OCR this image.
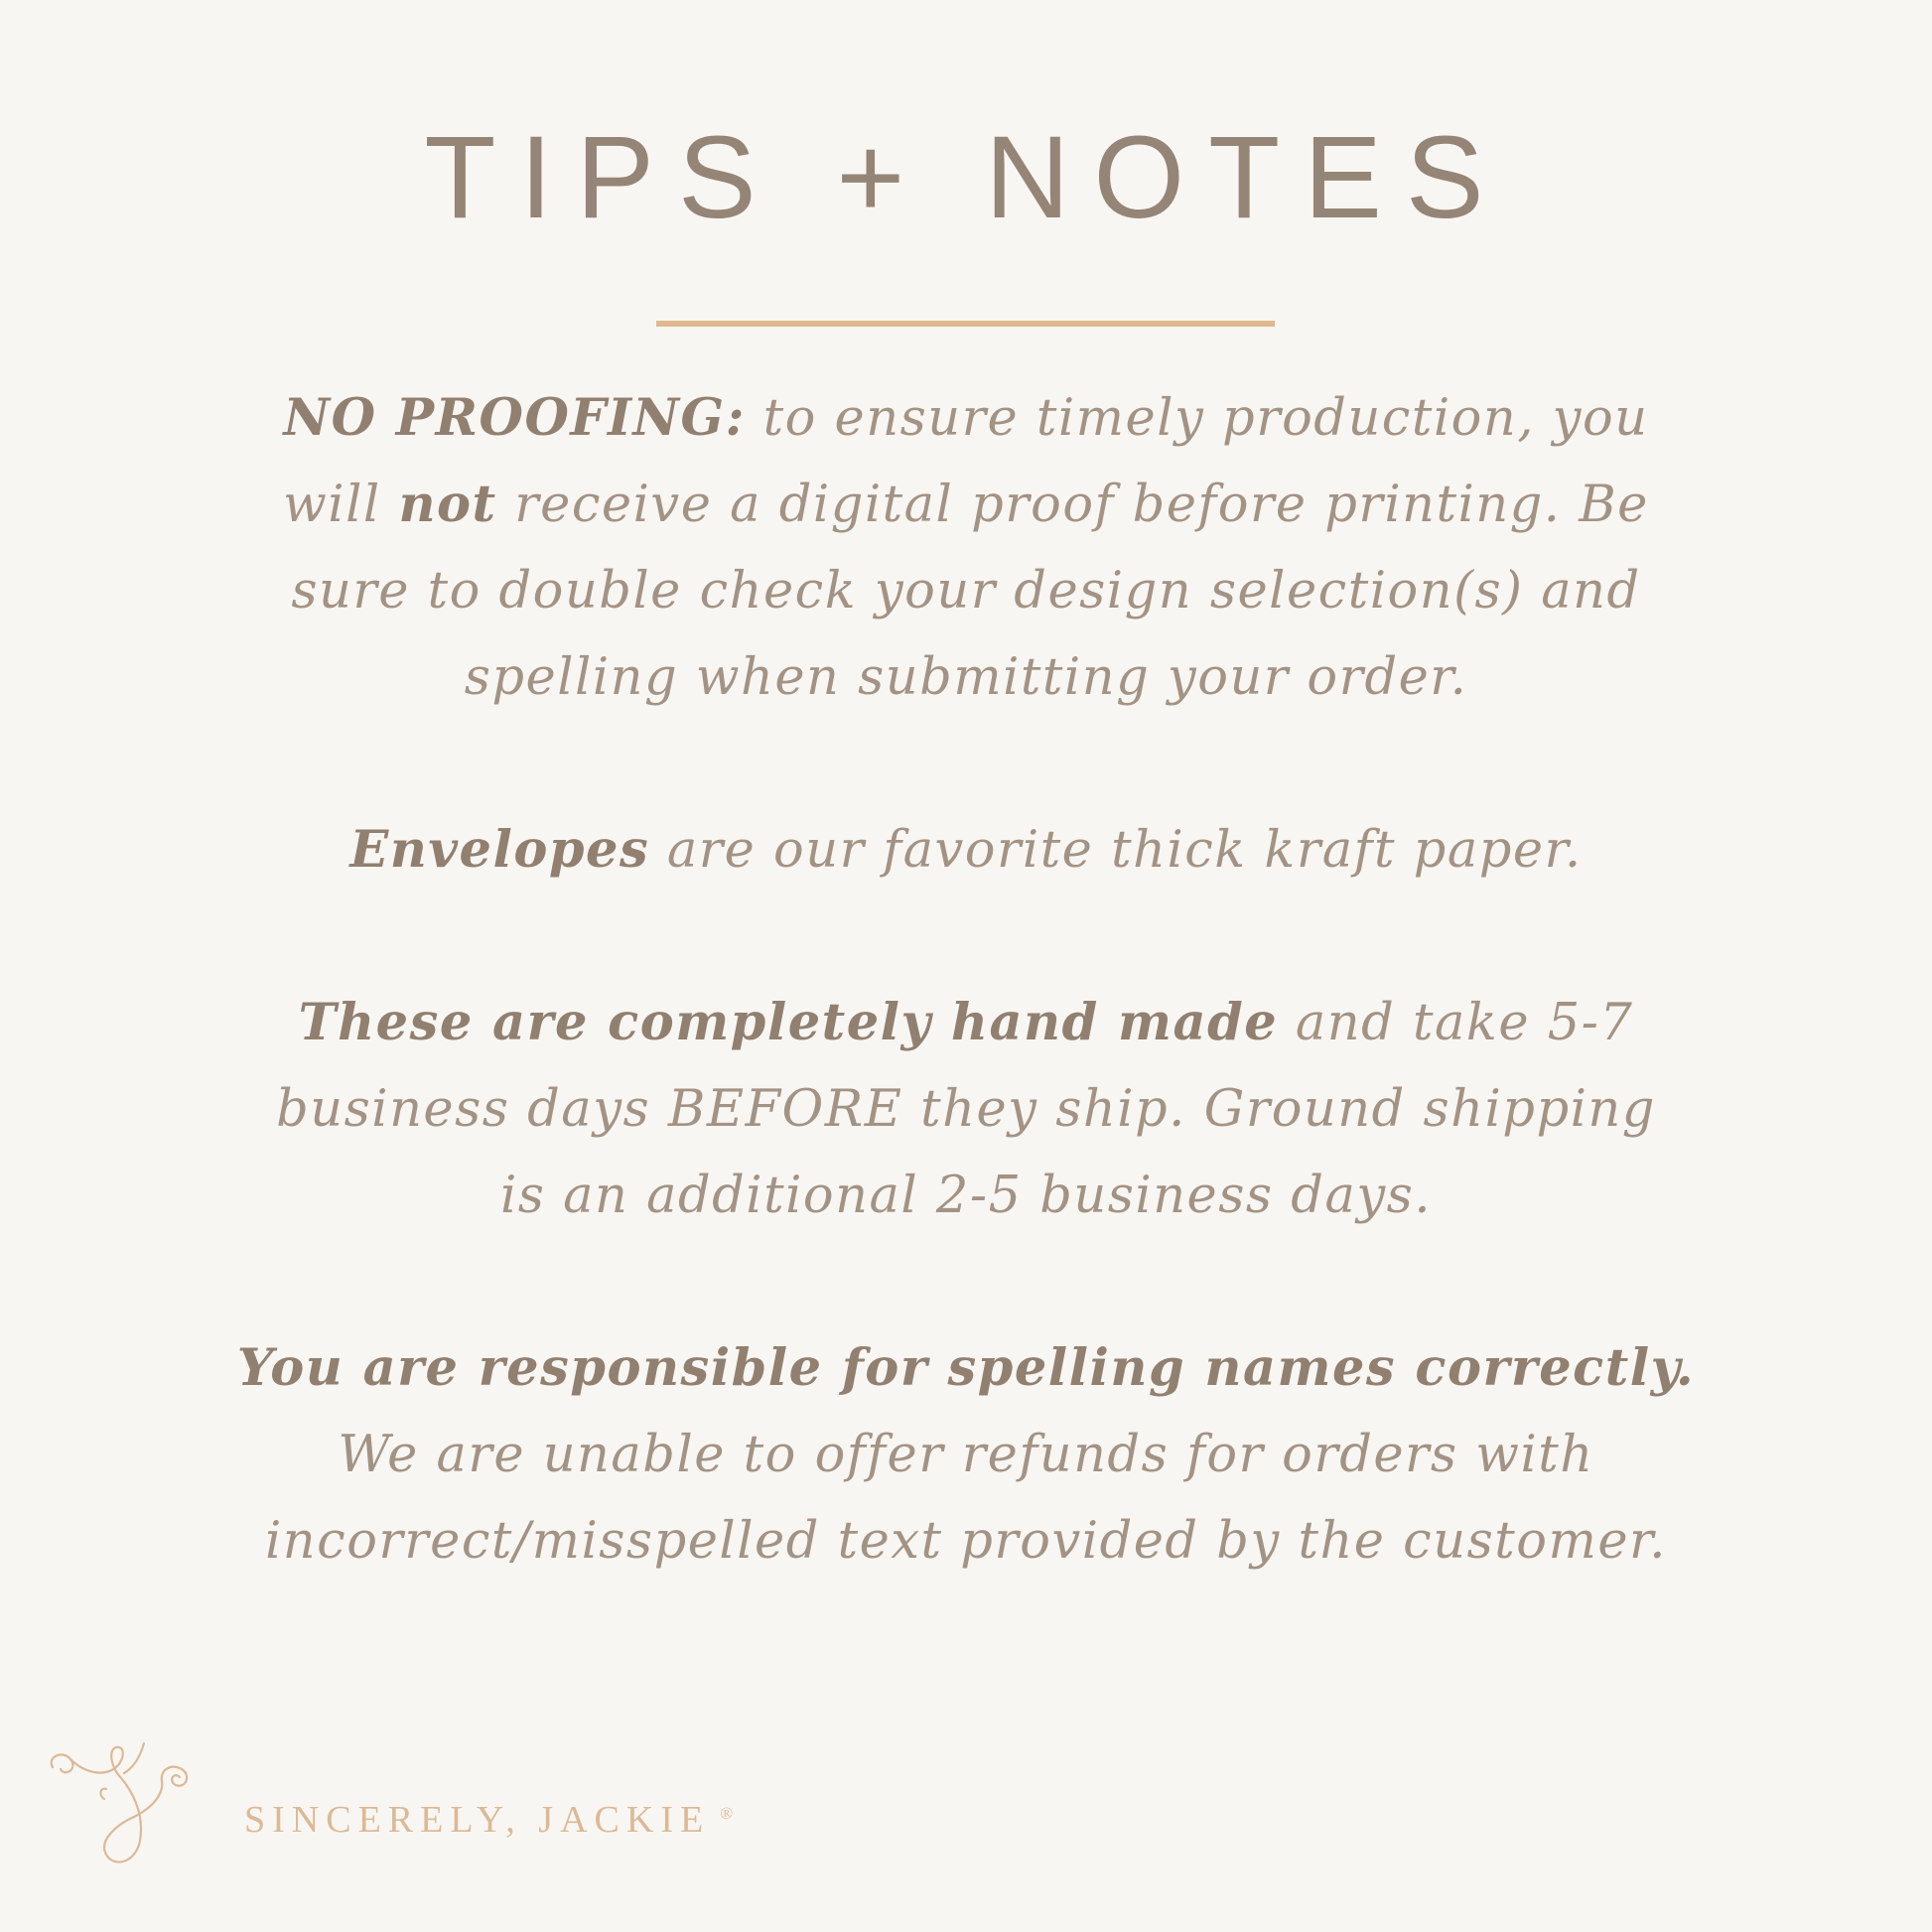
TIPS + NOTES
NO PROOFING: to ensure timely production, you
will not receive a digital proof before printing. Be
sure to double check your design selection(s) and
spelling when submitting your order.
Envelopes are our favorite thick kraft paper.
These are completely hand made and take 5-7
business days BEFORE they ship. Ground shipping
is an additional 2-5 business days.
You are responsible for spelling names correctly.
We are unable to offer refunds for orders with
incorrect/misspelled text provided by the customer.
SINCERELY, JACKIE ®
